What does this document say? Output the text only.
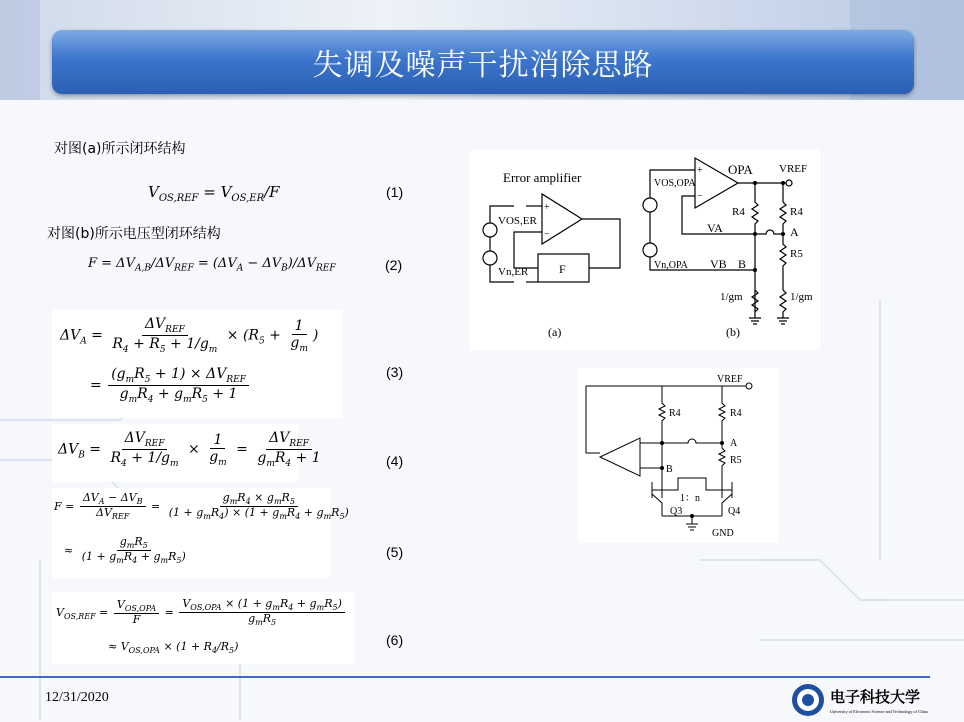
失调及噪声干扰消除思路
对图(a)所示闭环结构
对图(b)所示电压型闭环结构
$V_{OS,REF} = V_{OS,ER}/F$	(1)
$F = \Delta V_{A,B}/\Delta V_{REF} = (\Delta V_A - \Delta V_B)/\Delta V_{REF}$	(2)
$\Delta V_A = \frac{\Delta V_{REF}}{R_4 + R_5 + 1/g_m} \times (R_5 + \frac{1}{g_m}$ )
= $\frac{(g_mR_5 + 1) \times \Delta V_{REF}}{g_mR_4 + g_mR_5 + 1}$	(3)
$\Delta V_B = \frac{\Delta V_{REF}}{R_4 + 1/g_m} \times \frac{1}{g_m} = \frac{\Delta V_{REF}}{g_mR_4 + 1}$	(4)
$F = \frac{\Delta V_A - \Delta V_B}{\Delta V_{REF}} = \frac{g_mR_4 \times g_mR_5}{(1 + g_mR_4) \times (1 + g_mR_4 + g_mR_5)}$
≈ $\frac{g_mR_5}{(1 + g_mR_4 + g_mR_5)}$	(5)
$V_{OS,REF} = \frac{V_{OS,OPA}}{F} = \frac{V_{OS,OPA} \times (1 + g_mR_4 + g_mR_5)}{g_mR_5}$
≈ $V_{OS,OPA} \times (1 + R_4/R_5)$	(6)
Error amplifier
+
−
VOS,ER
Vn,ER	F
(a)
+
−
OPA VREF
VOS,OPA
Vn,OPA
VA
VB
A
B
R4	R4
R5
1/gm	1/gm
(b)
VREF
R4	R4
R5
A
B
1：n
Q3	Q4
GND
12/31/2020	电子科技大学
University of Electronic Science and Technology of China
